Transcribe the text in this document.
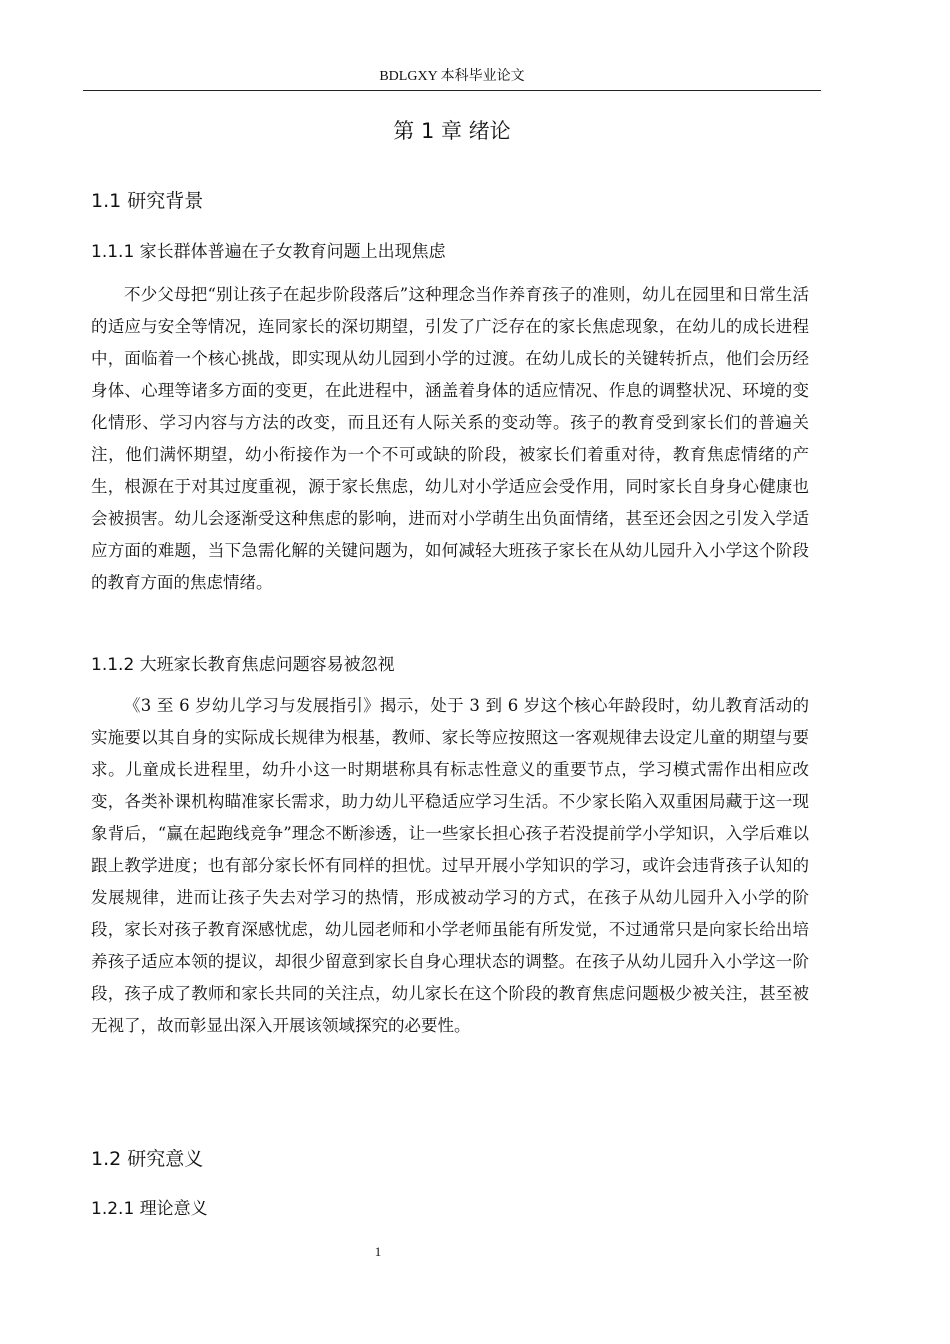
BDLGXY 本科毕业论文
第 1 章 绪论
1.1 研究背景
1.1.1 家长群体普遍在子女教育问题上出现焦虑

不少父母把“别让孩子在起步阶段落后”这种理念当作养育孩子的准则，幼儿在园里和日常生活的适应与安全等情况，连同家长的深切期望，引发了广泛存在的家长焦虑现象，在幼儿的成长进程中，面临着一个核心挑战，即实现从幼儿园到小学的过渡。在幼儿成长的关键转折点，他们会历经身体、心理等诸多方面的变更，在此进程中，涵盖着身体的适应情况、作息的调整状况、环境的变化情形、学习内容与方法的改变，而且还有人际关系的变动等。孩子的教育受到家长们的普遍关注，他们满怀期望，幼小衔接作为一个不可或缺的阶段，被家长们着重对待，教育焦虑情绪的产生，根源在于对其过度重视，源于家长焦虑，幼儿对小学适应会受作用，同时家长自身身心健康也会被损害。幼儿会逐渐受这种焦虑的影响，进而对小学萌生出负面情绪，甚至还会因之引发入学适应方面的难题，当下急需化解的关键问题为，如何减轻大班孩子家长在从幼儿园升入小学这个阶段的教育方面的焦虑情绪。

1.1.2 大班家长教育焦虑问题容易被忽视

《3 至 6 岁幼儿学习与发展指引》揭示，处于 3 到 6 岁这个核心年龄段时，幼儿教育活动的实施要以其自身的实际成长规律为根基，教师、家长等应按照这一客观规律去设定儿童的期望与要求。儿童成长进程里，幼升小这一时期堪称具有标志性意义的重要节点，学习模式需作出相应改变，各类补课机构瞄准家长需求，助力幼儿平稳适应学习生活。不少家长陷入双重困局藏于这一现象背后，“赢在起跑线竞争”理念不断渗透，让一些家长担心孩子若没提前学小学知识，入学后难以跟上教学进度；也有部分家长怀有同样的担忧。过早开展小学知识的学习，或许会违背孩子认知的发展规律，进而让孩子失去对学习的热情，形成被动学习的方式，在孩子从幼儿园升入小学的阶段，家长对孩子教育深感忧虑，幼儿园老师和小学老师虽能有所发觉，不过通常只是向家长给出培养孩子适应本领的提议，却很少留意到家长自身心理状态的调整。在孩子从幼儿园升入小学这一阶段，孩子成了教师和家长共同的关注点，幼儿家长在这个阶段的教育焦虑问题极少被关注，甚至被无视了，故而彰显出深入开展该领域探究的必要性。

1.2 研究意义
1.2.1 理论意义
1
